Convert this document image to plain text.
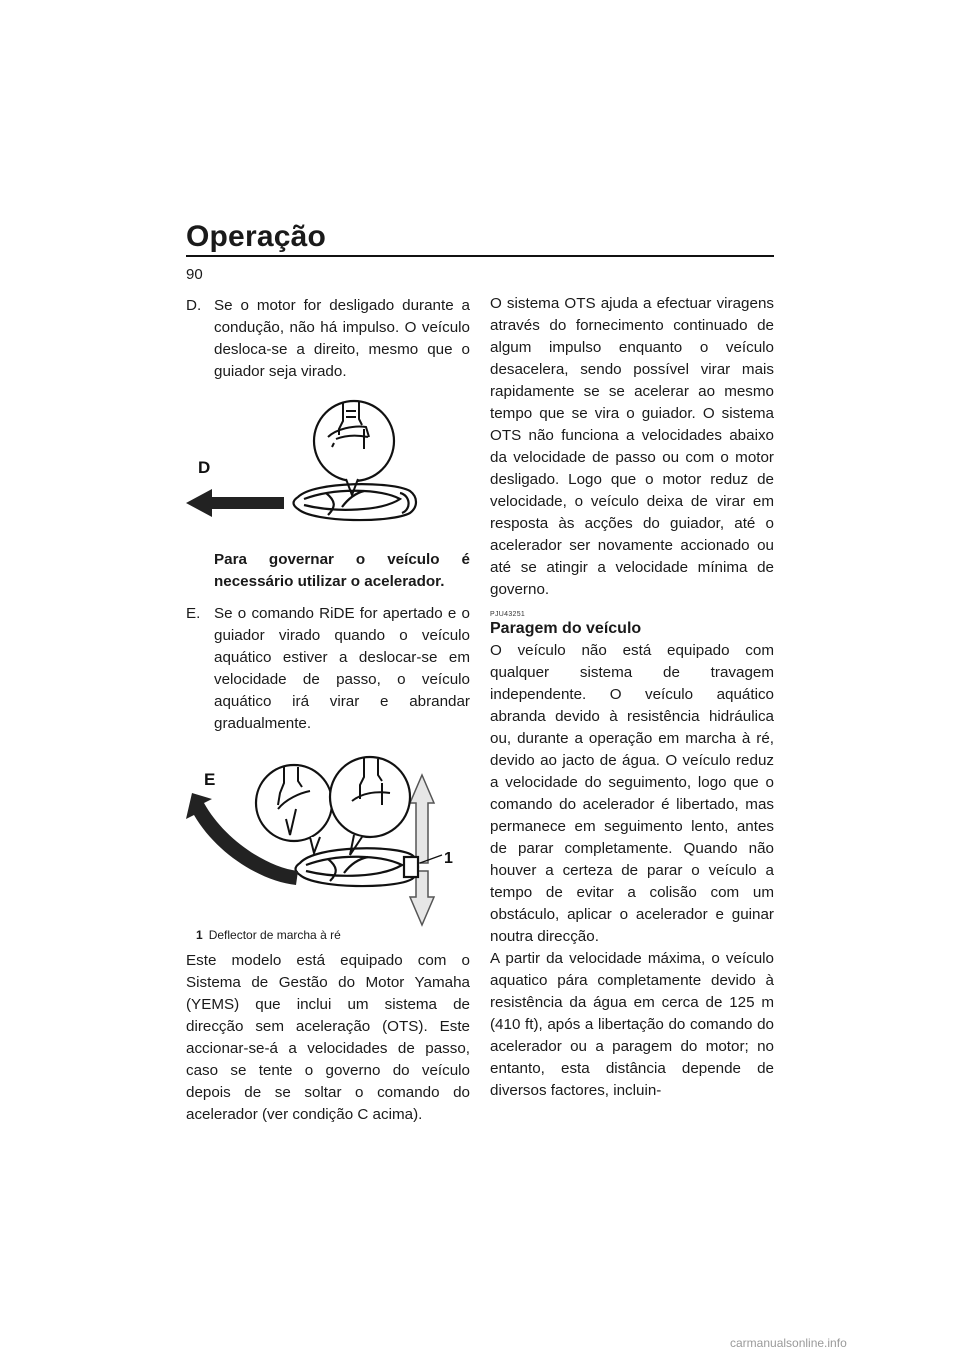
Operação
90
D. Se o motor for desligado durante a condução, não há impulso. O veículo desloca-se a direito, mesmo que o guiador seja virado.
D

Para governar o veículo é necessário utilizar o acelerador.

E. Se o comando RiDE for apertado e o guiador virado quando o veículo aquático estiver a deslocar-se em velocidade de passo, o veículo aquático irá virar e abrandar gradualmente.
E
1
1 Deflector de marcha à ré

Este modelo está equipado com o Sistema de Gestão do Motor Yamaha (YEMS) que inclui um sistema de direcção sem aceleração (OTS). Este accionar-se-á a velocidades de passo, caso se tente o governo do veículo depois de se soltar o comando do acelerador (ver condição C acima).

O sistema OTS ajuda a efectuar viragens através do fornecimento continuado de algum impulso enquanto o veículo desacelera, sendo possível virar mais rapidamente se se acelerar ao mesmo tempo que se vira o guiador. O sistema OTS não funciona a velocidades abaixo da velocidade de passo ou com o motor desligado. Logo que o motor reduz de velocidade, o veículo deixa de virar em resposta às acções do guiador, até o acelerador ser novamente accionado ou até se atingir a velocidade mínima de governo.

PJU43251
Paragem do veículo

O veículo não está equipado com qualquer sistema de travagem independente. O veículo aquático abranda devido à resistência hidráulica ou, durante a operação em marcha à ré, devido ao jacto de água. O veículo reduz a velocidade do seguimento, logo que o comando do acelerador é libertado, mas permanece em seguimento lento, antes de parar completamente. Quando não houver a certeza de parar o veículo a tempo de evitar a colisão com um obstáculo, aplicar o acelerador e guinar noutra direcção.

A partir da velocidade máxima, o veículo aquatico pára completamente devido à resistência da água em cerca de 125 m (410 ft), após a libertação do comando do acelerador ou a paragem do motor; no entanto, esta distância depende de diversos factores, incluin-

carmanualsonline.info
